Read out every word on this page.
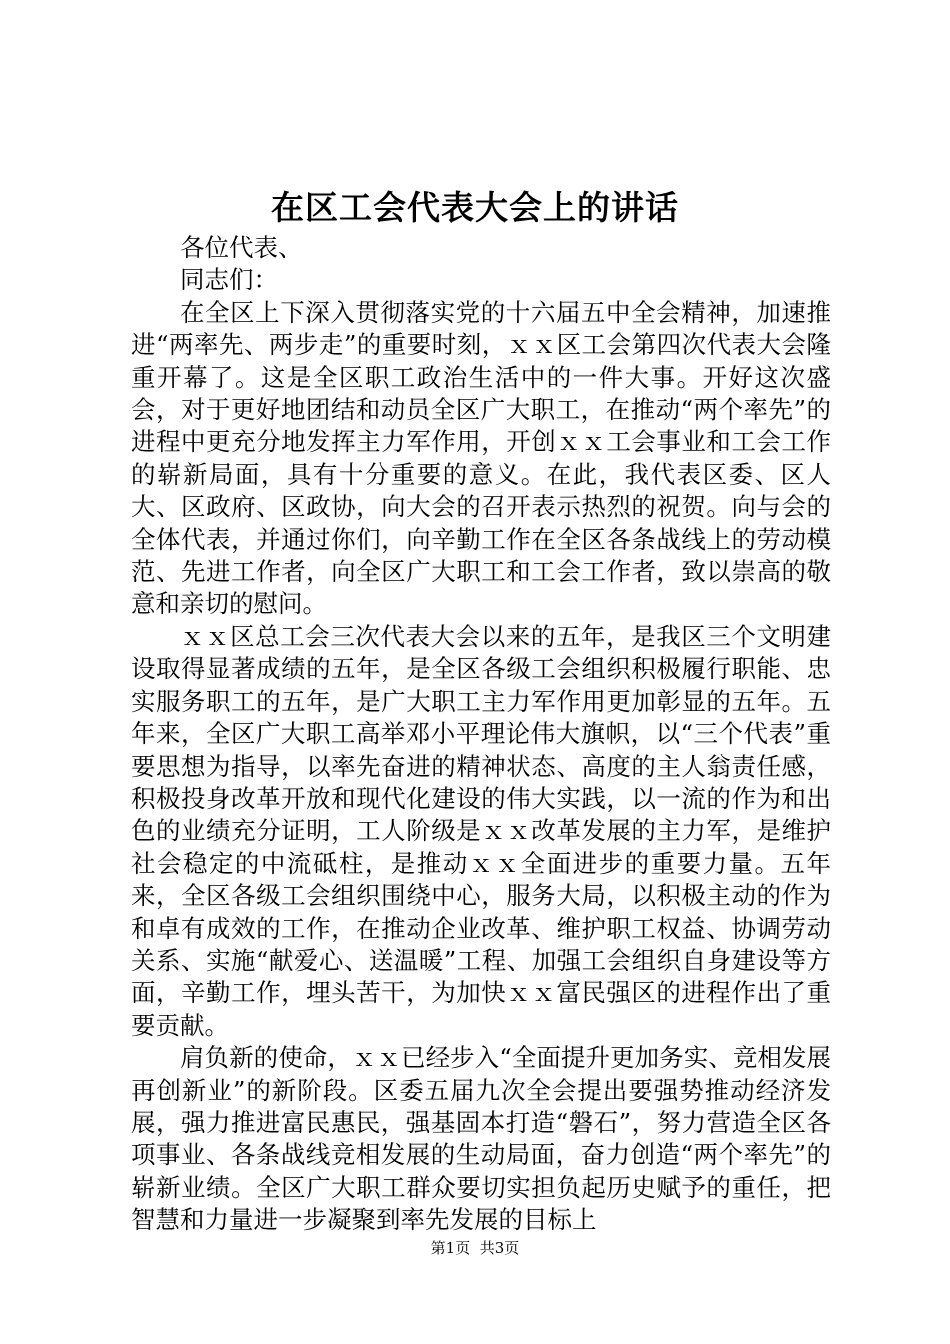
在区工会代表大会上的讲话

各位代表、

同志们：

在全区上下深入贯彻落实党的十六届五中全会精神，加速推进“两率先、两步走”的重要时刻，ｘｘ区工会第四次代表大会隆重开幕了。这是全区职工政治生活中的一件大事。开好这次盛会，对于更好地团结和动员全区广大职工，在推动“两个率先”的进程中更充分地发挥主力军作用，开创ｘｘ工会事业和工会工作的崭新局面，具有十分重要的意义。在此，我代表区委、区人大、区政府、区政协，向大会的召开表示热烈的祝贺。向与会的全体代表，并通过你们，向辛勤工作在全区各条战线上的劳动模范、先进工作者，向全区广大职工和工会工作者，致以崇高的敬意和亲切的慰问。

ｘｘ区总工会三次代表大会以来的五年，是我区三个文明建设取得显著成绩的五年，是全区各级工会组织积极履行职能、忠实服务职工的五年，是广大职工主力军作用更加彰显的五年。五年来，全区广大职工高举邓小平理论伟大旗帜，以“三个代表”重要思想为指导，以率先奋进的精神状态、高度的主人翁责任感，积极投身改革开放和现代化建设的伟大实践，以一流的作为和出色的业绩充分证明，工人阶级是ｘｘ改革发展的主力军，是维护社会稳定的中流砥柱，是推动ｘｘ全面进步的重要力量。五年来，全区各级工会组织围绕中心，服务大局，以积极主动的作为和卓有成效的工作，在推动企业改革、维护职工权益、协调劳动关系、实施“献爱心、送温暖”工程、加强工会组织自身建设等方面，辛勤工作，埋头苦干，为加快ｘｘ富民强区的进程作出了重要贡献。

肩负新的使命，ｘｘ已经步入“全面提升更加务实、竞相发展再创新业”的新阶段。区委五届九次全会提出要强势推动经济发展，强力推进富民惠民，强基固本打造“磐石”，努力营造全区各项事业、各条战线竞相发展的生动局面，奋力创造“两个率先”的崭新业绩。全区广大职工群众要切实担负起历史赋予的重任，把智慧和力量进一步凝聚到率先发展的目标上

第1页 共3页
